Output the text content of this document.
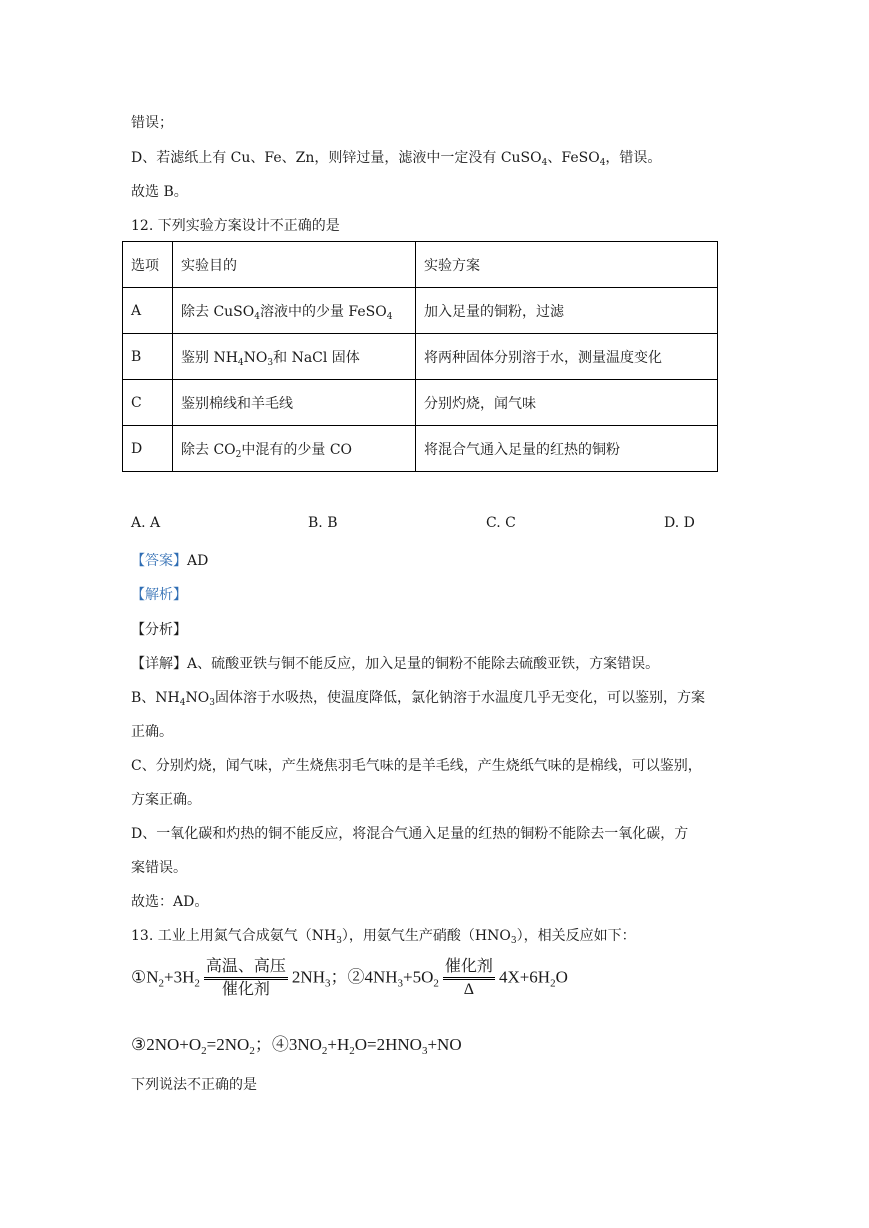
错误；
D、若滤纸上有 Cu、Fe、Zn，则锌过量，滤液中一定没有 CuSO$_4$、FeSO$_4$，错误。
故选 B。
12. 下列实验方案设计不正确的是
选项	实验目的	实验方案
A	除去 CuSO$_4$溶液中的少量 FeSO$_4$	加入足量的铜粉，过滤
B	鉴别 $NH_4NO_3$和 NaCl 固体	将两种固体分别溶于水，测量温度变化
C	鉴别棉线和羊毛线	分别灼烧，闻气味
D	除去 $CO_2$中混有的少量 CO	将混合气通入足量的红热的铜粉
A. A	B. B	C. C	D. D
【答案】AD
【解析】
【分析】
【详解】A、硫酸亚铁与铜不能反应，加入足量的铜粉不能除去硫酸亚铁，方案错误。
B、$NH_4NO_3$固体溶于水吸热，使温度降低，氯化钠溶于水温度几乎无变化，可以鉴别，方案
正确。
C、分别灼烧，闻气味，产生烧焦羽毛气味的是羊毛线，产生烧纸气味的是棉线，可以鉴别，
方案正确。
D、一氧化碳和灼热的铜不能反应，将混合气通入足量的红热的铜粉不能除去一氧化碳，方
案错误。
故选：AD。
13. 工业上用氮气合成氨气$(NH_3)$，用氨气生产硝酸$(HNO_3)$，相关反应如下：
$①N_2+3H_2$
高温、高压
催化剂
$2NH_3$；$②4NH_3+5O_2$
催化剂
Δ
$4X+6H_2O$
$③2NO+O_2=2NO_2$；$④3NO_2+H_2O=2HNO_3+NO$
下列说法不正确的是
